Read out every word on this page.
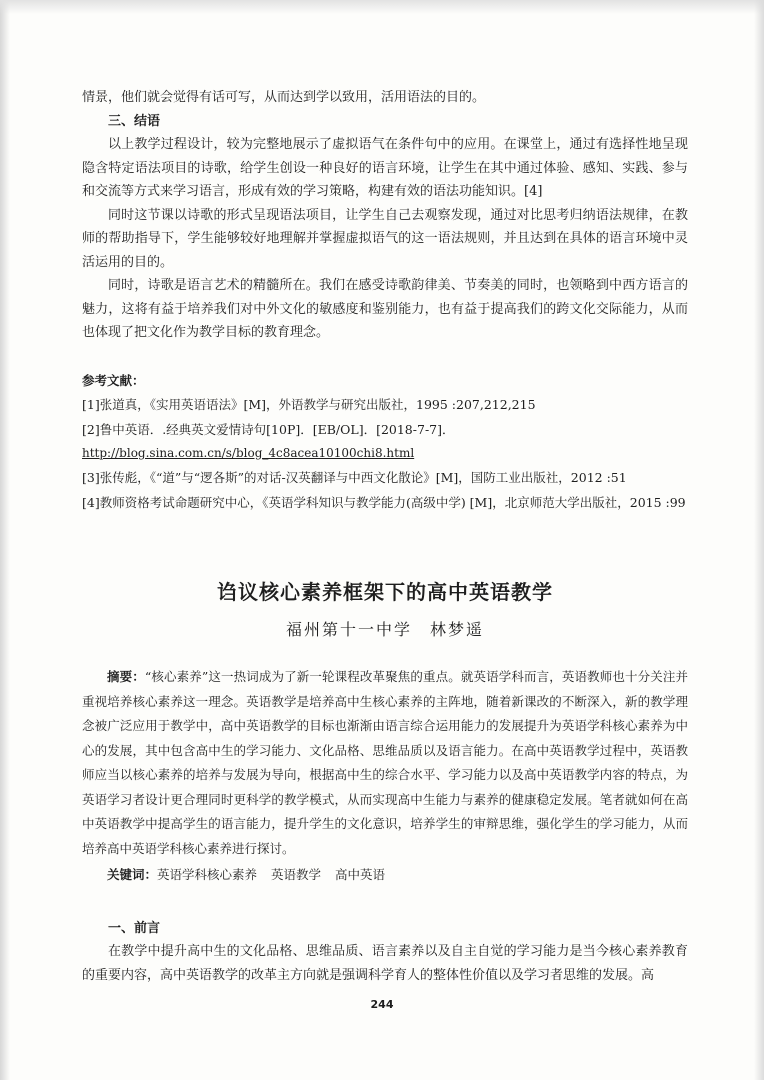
情景，他们就会觉得有话可写，从而达到学以致用，活用语法的目的。

三、结语

以上教学过程设计，较为完整地展示了虚拟语气在条件句中的应用。在课堂上，通过有选择性地呈现隐含特定语法项目的诗歌，给学生创设一种良好的语言环境，让学生在其中通过体验、感知、实践、参与和交流等方式来学习语言，形成有效的学习策略，构建有效的语法功能知识。[4]

同时这节课以诗歌的形式呈现语法项目，让学生自己去观察发现，通过对比思考归纳语法规律，在教师的帮助指导下，学生能够较好地理解并掌握虚拟语气的这一语法规则，并且达到在具体的语言环境中灵活运用的目的。

同时，诗歌是语言艺术的精髓所在。我们在感受诗歌韵律美、节奏美的同时，也领略到中西方语言的魅力，这将有益于培养我们对中外文化的敏感度和鉴别能力，也有益于提高我们的跨文化交际能力，从而也体现了把文化作为教学目标的教育理念。

参考文献：

[1]张道真，《实用英语语法》[M]，外语教学与研究出版社，1995 :207,212,215

[2]鲁中英语．.经典英文爱情诗句[10P]．[EB/OL]．[2018-7-7]．

http://blog.sina.com.cn/s/blog_4c8acea10100chi8.html

[3]张传彪，《“道”与“逻各斯”的对话-汉英翻译与中西文化散论》[M]，国防工业出版社，2012 :51

[4]教师资格考试命题研究中心，《英语学科知识与教学能力(高级中学) [M]，北京师范大学出版社，2015 :99

诌议核心素养框架下的高中英语教学

福州第十一中学　林梦遥

摘要：“核心素养”这一热词成为了新一轮课程改革聚焦的重点。就英语学科而言，英语教师也十分关注并重视培养核心素养这一理念。英语教学是培养高中生核心素养的主阵地，随着新课改的不断深入，新的教学理念被广泛应用于教学中，高中英语教学的目标也渐渐由语言综合运用能力的发展提升为英语学科核心素养为中心的发展，其中包含高中生的学习能力、文化品格、思维品质以及语言能力。在高中英语教学过程中，英语教师应当以核心素养的培养与发展为导向，根据高中生的综合水平、学习能力以及高中英语教学内容的特点，为英语学习者设计更合理同时更科学的教学模式，从而实现高中生能力与素养的健康稳定发展。笔者就如何在高中英语教学中提高学生的语言能力，提升学生的文化意识，培养学生的审辩思维，强化学生的学习能力，从而培养高中英语学科核心素养进行探讨。

关键词：英语学科核心素养 英语教学 高中英语

一、前言

在教学中提升高中生的文化品格、思维品质、语言素养以及自主自觉的学习能力是当今核心素养教育的重要内容，高中英语教学的改革主方向就是强调科学育人的整体性价值以及学习者思维的发展。高

244
